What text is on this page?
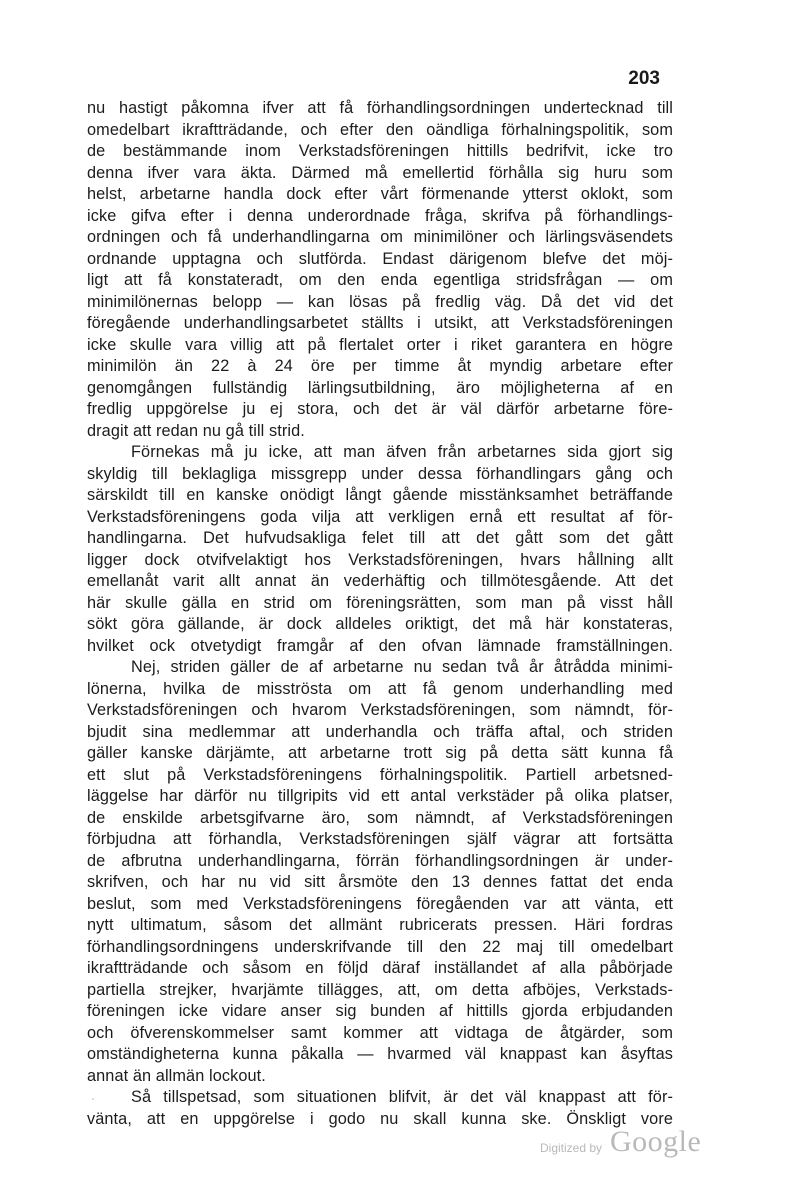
203
nu hastigt påkomna ifver att få förhandlingsordningen undertecknad till
omedelbart ikraftträdande, och efter den oändliga förhalningspolitik, som
de bestämmande inom Verkstadsföreningen hittills bedrifvit, icke tro
denna ifver vara äkta. Därmed må emellertid förhålla sig huru som
helst, arbetarne handla dock efter vårt förmenande ytterst oklokt, som
icke gifva efter i denna underordnade fråga, skrifva på förhandlings-
ordningen och få underhandlingarna om minimilöner och lärlingsväsendets
ordnande upptagna och slutförda. Endast därigenom blefve det möj-
ligt att få konstateradt, om den enda egentliga stridsfrågan — om
minimilönernas belopp — kan lösas på fredlig väg. Då det vid det
föregående underhandlingsarbetet ställts i utsikt, att Verkstadsföreningen
icke skulle vara villig att på flertalet orter i riket garantera en högre
minimilön än 22 à 24 öre per timme åt myndig arbetare efter
genomgången fullständig lärlingsutbildning, äro möjligheterna af en
fredlig uppgörelse ju ej stora, och det är väl därför arbetarne före-
dragit att redan nu gå till strid.
Förnekas må ju icke, att man äfven från arbetarnes sida gjort sig
skyldig till beklagliga missgrepp under dessa förhandlingars gång och
särskildt till en kanske onödigt långt gående misstänksamhet beträffande
Verkstadsföreningens goda vilja att verkligen ernå ett resultat af för-
handlingarna. Det hufvudsakliga felet till att det gått som det gått
ligger dock otvifvelaktigt hos Verkstadsföreningen, hvars hållning allt
emellanåt varit allt annat än vederhäftig och tillmötesgående. Att det
här skulle gälla en strid om föreningsrätten, som man på visst håll
sökt göra gällande, är dock alldeles oriktigt, det må här konstateras,
hvilket ock otvetydigt framgår af den ofvan lämnade framställningen.
Nej, striden gäller de af arbetarne nu sedan två år åtrådda minimi-
lönerna, hvilka de misströsta om att få genom underhandling med
Verkstadsföreningen och hvarom Verkstadsföreningen, som nämndt, för-
bjudit sina medlemmar att underhandla och träffa aftal, och striden
gäller kanske därjämte, att arbetarne trott sig på detta sätt kunna få
ett slut på Verkstadsföreningens förhalningspolitik. Partiell arbetsned-
läggelse har därför nu tillgripits vid ett antal verkstäder på olika platser,
de enskilde arbetsgifvarne äro, som nämndt, af Verkstadsföreningen
förbjudna att förhandla, Verkstadsföreningen själf vägrar att fortsätta
de afbrutna underhandlingarna, förrän förhandlingsordningen är under-
skrifven, och har nu vid sitt årsmöte den 13 dennes fattat det enda
beslut, som med Verkstadsföreningens föregåenden var att vänta, ett
nytt ultimatum, såsom det allmänt rubricerats pressen. Häri fordras
förhandlingsordningens underskrifvande till den 22 maj till omedelbart
ikraftträdande och såsom en följd däraf inställandet af alla påbörjade
partiella strejker, hvarjämte tillägges, att, om detta afböjes, Verkstads-
föreningen icke vidare anser sig bunden af hittills gjorda erbjudanden
och öfverenskommelser samt kommer att vidtaga de åtgärder, som
omständigheterna kunna påkalla — hvarmed väl knappast kan åsyftas
annat än allmän lockout.
Så tillspetsad, som situationen blifvit, är det väl knappast att för-
vänta, att en uppgörelse i godo nu skall kunna ske. Önskligt vore
Digitized by Google
